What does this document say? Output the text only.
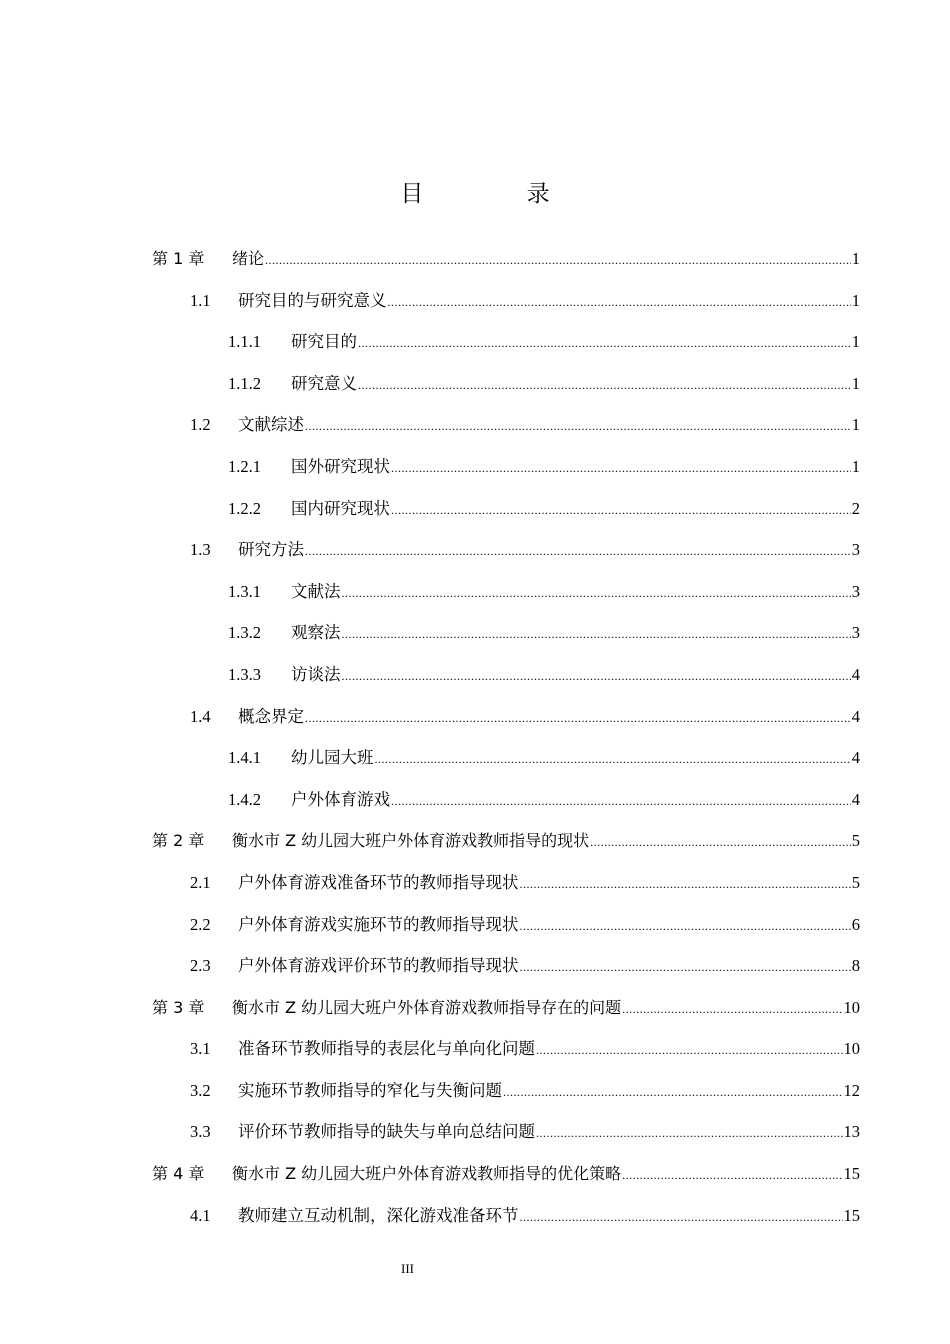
目 录
第 1 章	绪论 .....	1
1.1	研究目的与研究意义 .....	1
1.1.1	研究目的 .....	1
1.1.2	研究意义 .....	1
1.2	文献综述 .....	1
1.2.1	国外研究现状 .....	1
1.2.2	国内研究现状 .....	2
1.3	研究方法 .....	3
1.3.1	文献法 .....	3
1.3.2	观察法 .....	3
1.3.3	访谈法 .....	4
1.4	概念界定 .....	4
1.4.1	幼儿园大班 .....	4
1.4.2	户外体育游戏 .....	4
第 2 章	衡水市 Z 幼儿园大班户外体育游戏教师指导的现状 .....	5
2.1	户外体育游戏准备环节的教师指导现状 .....	5
2.2	户外体育游戏实施环节的教师指导现状 .....	6
2.3	户外体育游戏评价环节的教师指导现状 .....	8
第 3 章	衡水市 Z 幼儿园大班户外体育游戏教师指导存在的问题 .....	10
3.1	准备环节教师指导的表层化与单向化问题 .....	10
3.2	实施环节教师指导的窄化与失衡问题 .....	12
3.3	评价环节教师指导的缺失与单向总结问题 .....	13
第 4 章	衡水市 Z 幼儿园大班户外体育游戏教师指导的优化策略 .....	15
4.1	教师建立互动机制，深化游戏准备环节 .....	15
III
